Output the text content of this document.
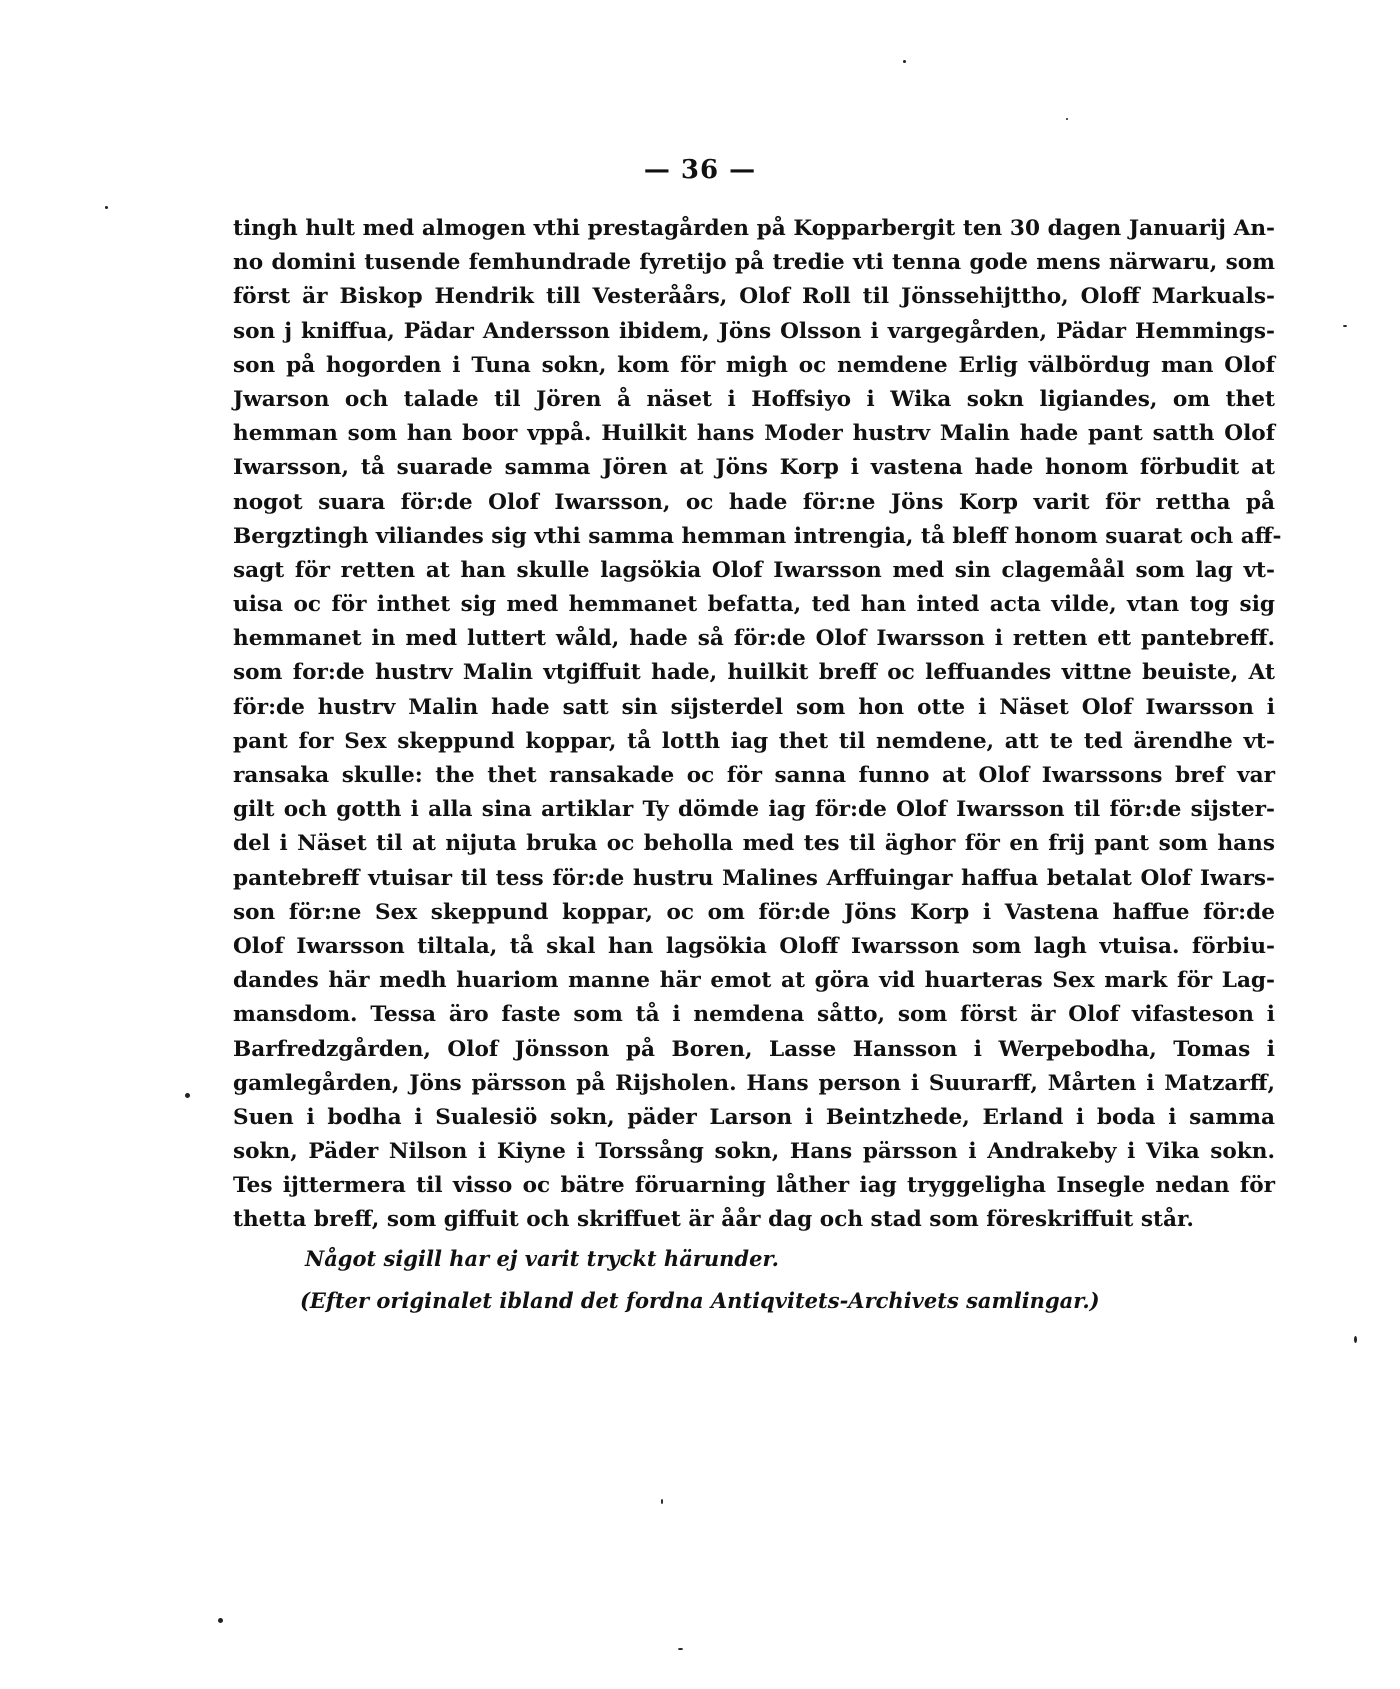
— 36 —
tingh hult med almogen vthi prestagården på Kopparbergit ten 30 dagen Januarij An-
no domini tusende femhundrade fyretijo på tredie vti tenna gode mens närwaru, som
först är Biskop Hendrik till Vesteråårs, Olof Roll til Jönssehijttho, Oloff Markuals-
son j kniffua, Pädar Andersson ibidem, Jöns Olsson i vargegården, Pädar Hemmings-
son på hogorden i Tuna sokn, kom för migh oc nemdene Erlig välbördug man Olof
Jwarson och talade til Jören å näset i Hoffsiyo i Wika sokn ligiandes, om thet
hemman som han boor vppå. Huilkit hans Moder hustrv Malin hade pant satth Olof
Iwarsson, tå suarade samma Jören at Jöns Korp i vastena hade honom förbudit at
nogot suara för:de Olof Iwarsson, oc hade för:ne Jöns Korp varit för rettha på
Bergztingh viliandes sig vthi samma hemman intrengia, tå bleff honom suarat och aff-
sagt för retten at han skulle lagsökia Olof Iwarsson med sin clagemåål som lag vt-
uisa oc för inthet sig med hemmanet befatta, ted han inted acta vilde, vtan tog sig
hemmanet in med luttert wåld, hade så för:de Olof Iwarsson i retten ett pantebreff.
som for:de hustrv Malin vtgiffuit hade, huilkit breff oc leffuandes vittne beuiste, At
för:de hustrv Malin hade satt sin sijsterdel som hon otte i Näset Olof Iwarsson i
pant for Sex skeppund koppar, tå lotth iag thet til nemdene, att te ted ärendhe vt-
ransaka skulle: the thet ransakade oc för sanna funno at Olof Iwarssons bref var
gilt och gotth i alla sina artiklar Ty dömde iag för:de Olof Iwarsson til för:de sijster-
del i Näset til at nijuta bruka oc beholla med tes til äghor för en frij pant som hans
pantebreff vtuisar til tess för:de hustru Malines Arffuingar haffua betalat Olof Iwars-
son för:ne Sex skeppund koppar, oc om för:de Jöns Korp i Vastena haffue för:de
Olof Iwarsson tiltala, tå skal han lagsökia Oloff Iwarsson som lagh vtuisa. förbiu-
dandes här medh huariom manne här emot at göra vid huarteras Sex mark för Lag-
mansdom. Tessa äro faste som tå i nemdena såtto, som först är Olof vifasteson i
Barfredzgården, Olof Jönsson på Boren, Lasse Hansson i Werpebodha, Tomas i
gamlegården, Jöns pärsson på Rijsholen. Hans person i Suurarff, Mårten i Matzarff,
Suen i bodha i Sualesiö sokn, päder Larson i Beintzhede, Erland i boda i samma
sokn, Päder Nilson i Kiyne i Torssång sokn, Hans pärsson i Andrakeby i Vika sokn.
Tes ijttermera til visso oc bätre föruarning låther iag tryggeligha Insegle nedan för
thetta breff, som giffuit och skriffuet är åår dag och stad som föreskriffuit står.
Något sigill har ej varit tryckt härunder.
(Efter originalet ibland det fordna Antiqvitets-Archivets samlingar.)
